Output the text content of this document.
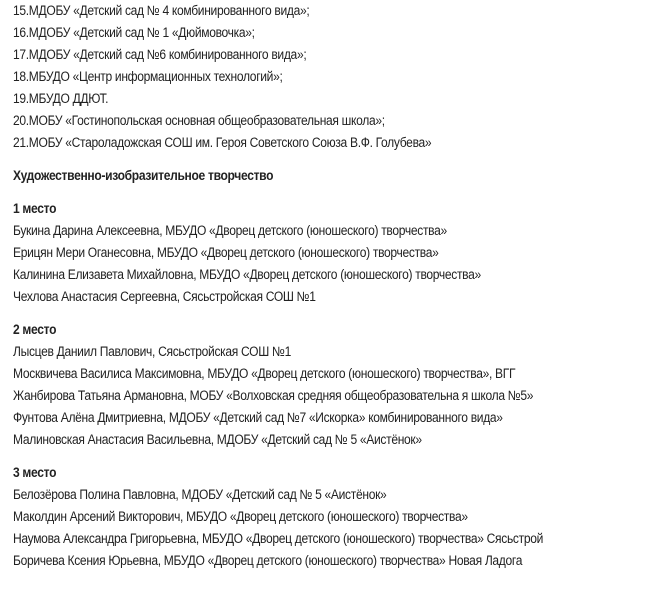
15.МДОБУ «Детский сад № 4 комбинированного вида»;
16.МДОБУ «Детский сад № 1 «Дюймовочка»;
17.МДОБУ «Детский сад №6 комбинированного вида»;
18.МБУДО «Центр информационных технологий»;
19.МБУДО ДДЮТ.
20.МОБУ «Гостинопольская основная общеобразовательная школа»;
21.МОБУ «Староладожская СОШ им. Героя Советского Союза В.Ф. Голубева»
Художественно-изобразительное творчество
1 место
Букина Дарина Алексеевна, МБУДО «Дворец детского (юношеского) творчества»
Ерицян Мери Оганесовна, МБУДО «Дворец детского (юношеского) творчества»
Калинина Елизавета Михайловна, МБУДО «Дворец детского (юношеского) творчества»
Чехлова Анастасия Сергеевна, Сясьстройская СОШ №1
2 место
Лысцев Даниил Павлович, Сясьстройская СОШ №1
Москвичева Василиса Максимовна, МБУДО «Дворец детского (юношеского) творчества», ВГГ
Жанбирова Татьяна Армановна, МОБУ «Волховская средняя общеобразовательна я школа №5»
Фунтова Алёна Дмитриевна, МДОБУ «Детский сад №7 «Искорка» комбинированного вида»
Малиновская Анастасия Васильевна, МДОБУ «Детский сад № 5 «Аистёнок»
3 место
Белозёрова Полина Павловна, МДОБУ «Детский сад № 5 «Аистёнок»
Маколдин Арсений Викторович, МБУДО «Дворец детского (юношеского) творчества»
Наумова Александра Григорьевна, МБУДО «Дворец детского (юношеского) творчества» Сясьстрой
Боричева Ксения Юрьевна, МБУДО «Дворец детского (юношеского) творчества» Новая Ладога
